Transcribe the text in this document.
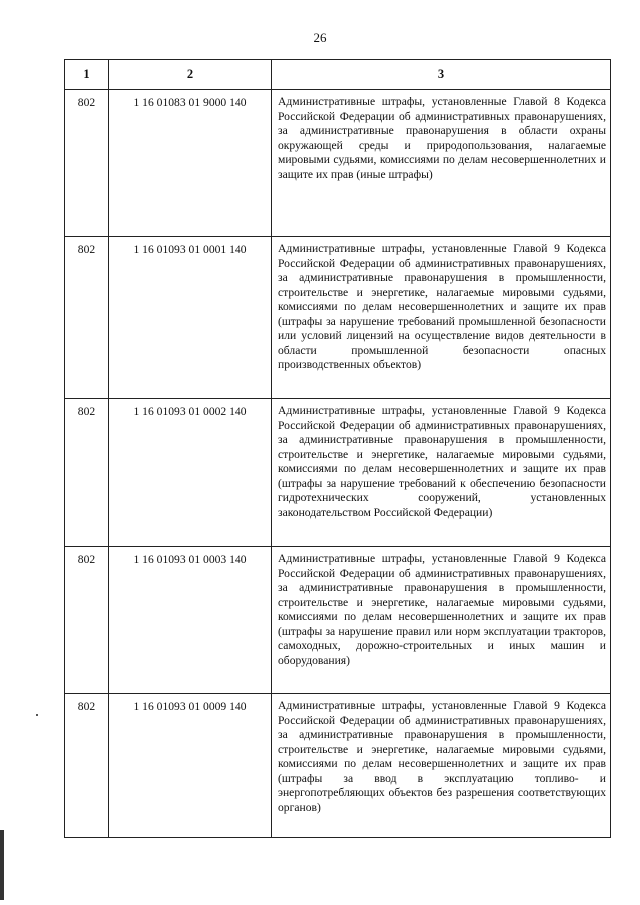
26
1	2	3
802	1 16 01083 01 9000 140	Административные штрафы, установленные Главой 8 Кодекса Российской Федерации об административных правонарушениях, за административные правонарушения в области охраны окружающей среды и природопользования, налагаемые мировыми судьями, комиссиями по делам несовершеннолетних и защите их прав (иные штрафы)
802	1 16 01093 01 0001 140	Административные штрафы, установленные Главой 9 Кодекса Российской Федерации об административных правонарушениях, за административные правонарушения в промышленности, строительстве и энергетике, налагаемые мировыми судьями, комиссиями по делам несовершеннолетних и защите их прав (штрафы за нарушение требований промышленной безопасности или условий лицензий на осуществление видов деятельности в области промышленной безопасности опасных производственных объектов)
802	1 16 01093 01 0002 140	Административные штрафы, установленные Главой 9 Кодекса Российской Федерации об административных правонарушениях, за административные правонарушения в промышленности, строительстве и энергетике, налагаемые мировыми судьями, комиссиями по делам несовершеннолетних и защите их прав (штрафы за нарушение требований к обеспечению безопасности гидротехнических сооружений, установленных законодательством Российской Федерации)
802	1 16 01093 01 0003 140	Административные штрафы, установленные Главой 9 Кодекса Российской Федерации об административных правонарушениях, за административные правонарушения в промышленности, строительстве и энергетике, налагаемые мировыми судьями, комиссиями по делам несовершеннолетних и защите их прав (штрафы за нарушение правил или норм эксплуатации тракторов, самоходных, дорожно-строительных и иных машин и оборудования)
802	1 16 01093 01 0009 140	Административные штрафы, установленные Главой 9 Кодекса Российской Федерации об административных правонарушениях, за административные правонарушения в промышленности, строительстве и энергетике, налагаемые мировыми судьями, комиссиями по делам несовершеннолетних и защите их прав (штрафы за ввод в эксплуатацию топливо- и энергопотребляющих объектов без разрешения соответствующих органов)
